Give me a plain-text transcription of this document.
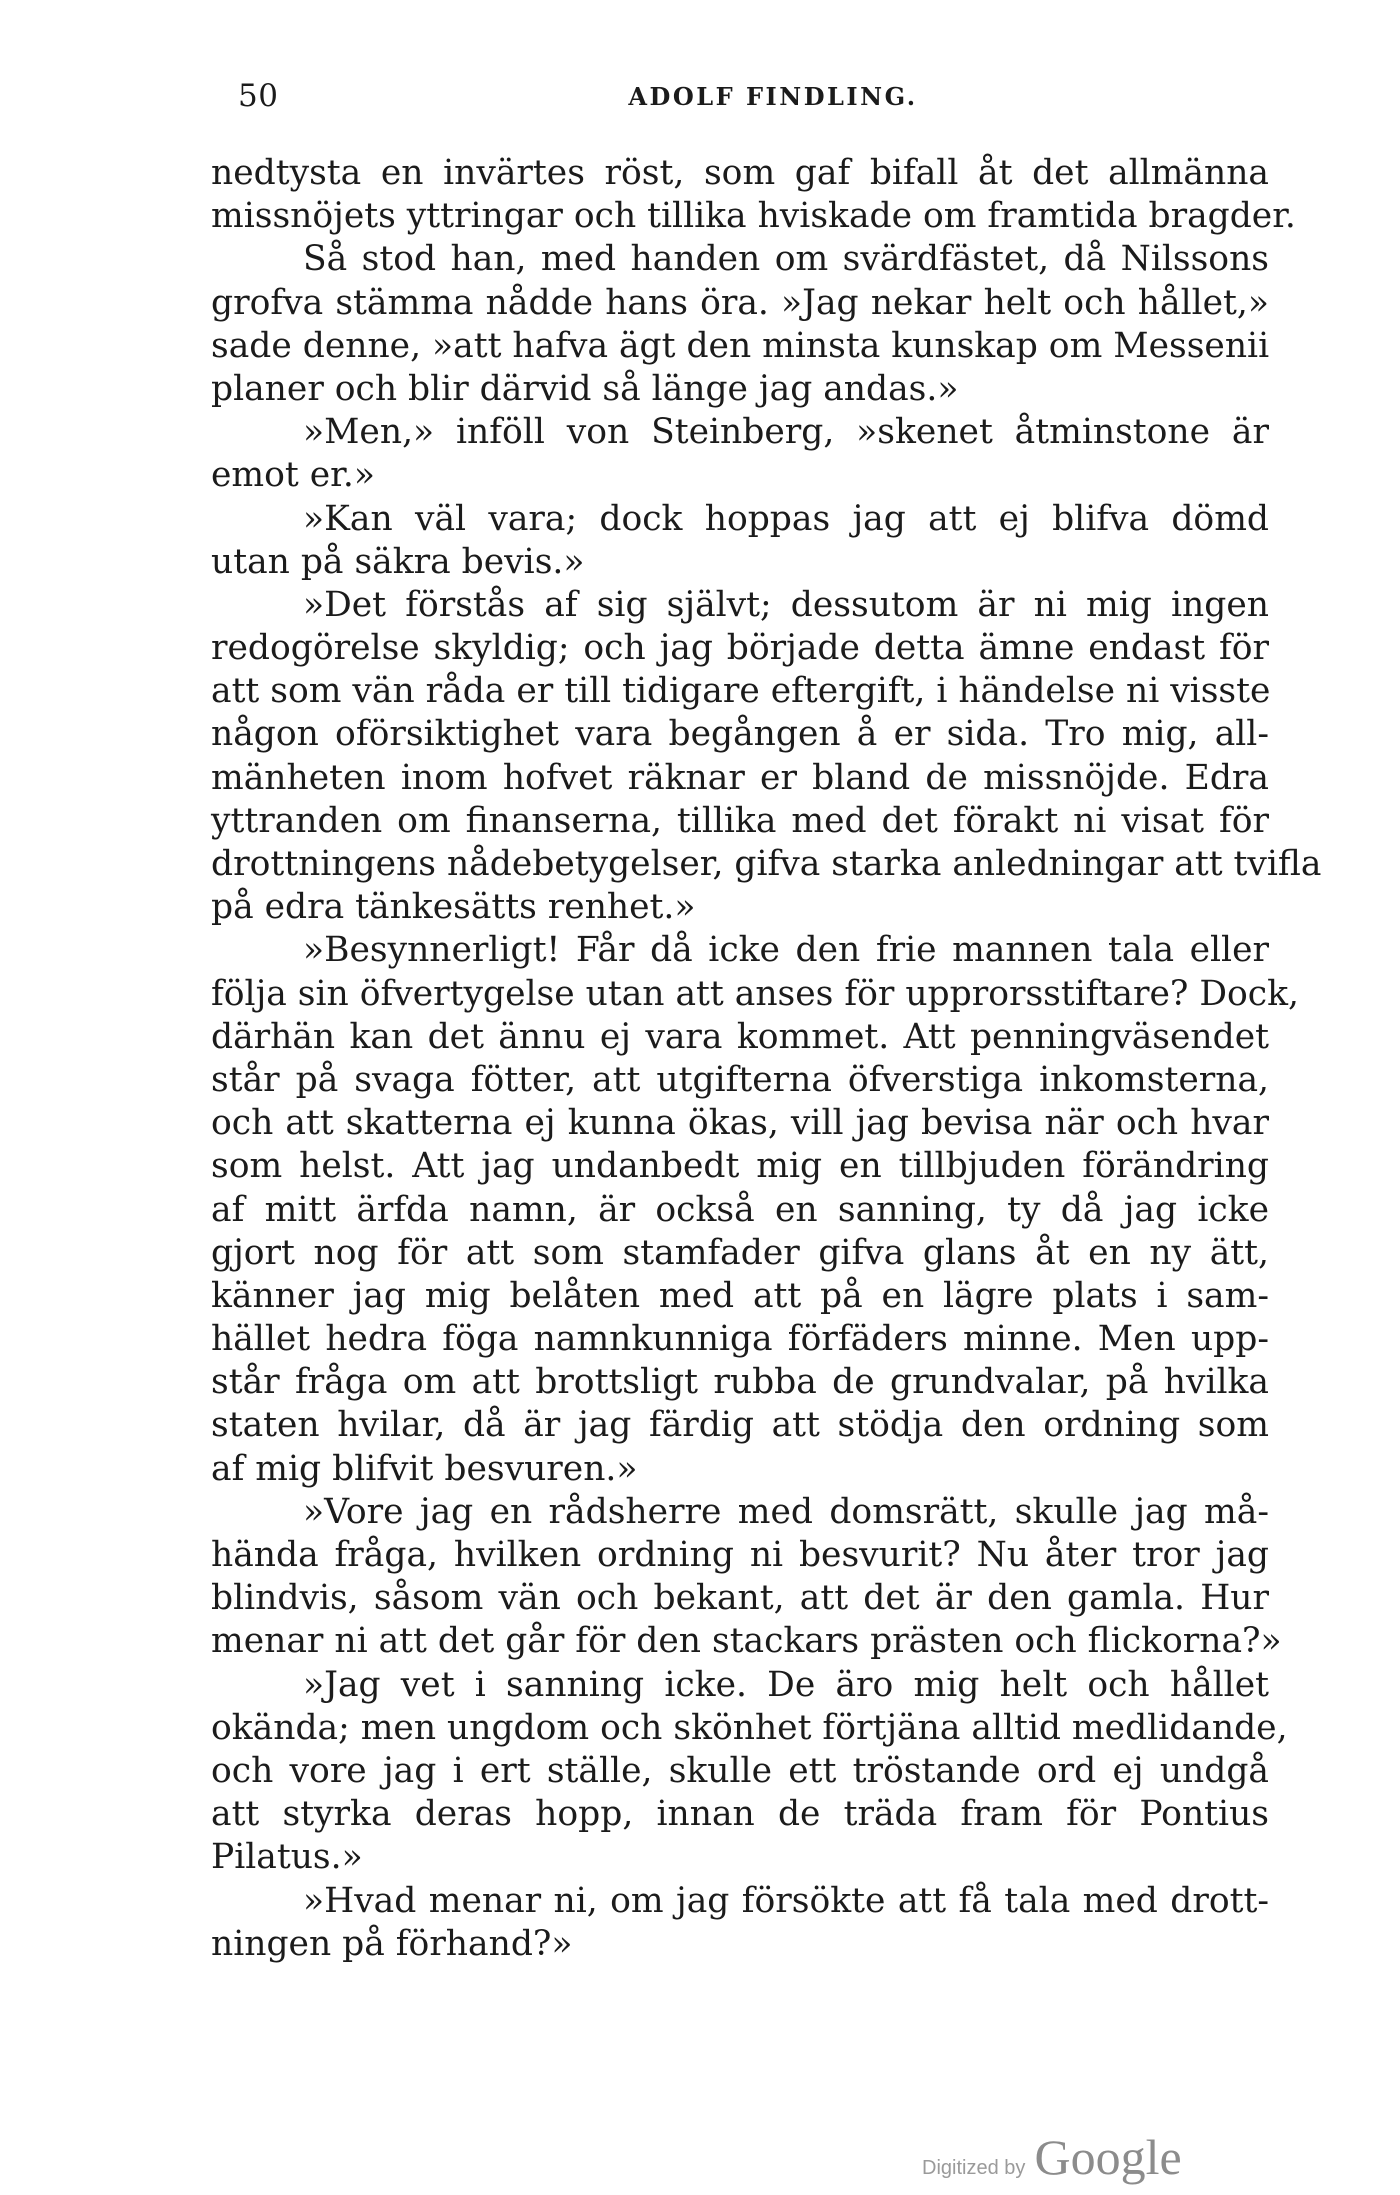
50	ADOLF FINDLING.
nedtysta en invärtes röst, som gaf bifall åt det allmänna
missnöjets yttringar och tillika hviskade om framtida bragder.
Så stod han, med handen om svärdfästet, då Nilssons
grofva stämma nådde hans öra. »Jag nekar helt och hållet,»
sade denne, »att hafva ägt den minsta kunskap om Messenii
planer och blir därvid så länge jag andas.»
»Men,» inföll von Steinberg, »skenet åtminstone är
emot er.»
»Kan väl vara; dock hoppas jag att ej blifva dömd
utan på säkra bevis.»
»Det förstås af sig självt; dessutom är ni mig ingen
redogörelse skyldig; och jag började detta ämne endast för
att som vän råda er till tidigare eftergift, i händelse ni visste
någon oförsiktighet vara begången å er sida. Tro mig, all-
mänheten inom hofvet räknar er bland de missnöjde. Edra
yttranden om finanserna, tillika med det förakt ni visat för
drottningens nådebetygelser, gifva starka anledningar att tvifla
på edra tänkesätts renhet.»
»Besynnerligt! Får då icke den frie mannen tala eller
följa sin öfvertygelse utan att anses för upprorsstiftare? Dock,
därhän kan det ännu ej vara kommet. Att penningväsendet
står på svaga fötter, att utgifterna öfverstiga inkomsterna,
och att skatterna ej kunna ökas, vill jag bevisa när och hvar
som helst. Att jag undanbedt mig en tillbjuden förändring
af mitt ärfda namn, är också en sanning, ty då jag icke
gjort nog för att som stamfader gifva glans åt en ny ätt,
känner jag mig belåten med att på en lägre plats i sam-
hället hedra föga namnkunniga förfäders minne. Men upp-
står fråga om att brottsligt rubba de grundvalar, på hvilka
staten hvilar, då är jag färdig att stödja den ordning som
af mig blifvit besvuren.»
»Vore jag en rådsherre med domsrätt, skulle jag må-
hända fråga, hvilken ordning ni besvurit? Nu åter tror jag
blindvis, såsom vän och bekant, att det är den gamla. Hur
menar ni att det går för den stackars prästen och flickorna?»
»Jag vet i sanning icke. De äro mig helt och hållet
okända; men ungdom och skönhet förtjäna alltid medlidande,
och vore jag i ert ställe, skulle ett tröstande ord ej undgå
att styrka deras hopp, innan de träda fram för Pontius
Pilatus.»
»Hvad menar ni, om jag försökte att få tala med drott-
ningen på förhand?»
Digitized by Google
